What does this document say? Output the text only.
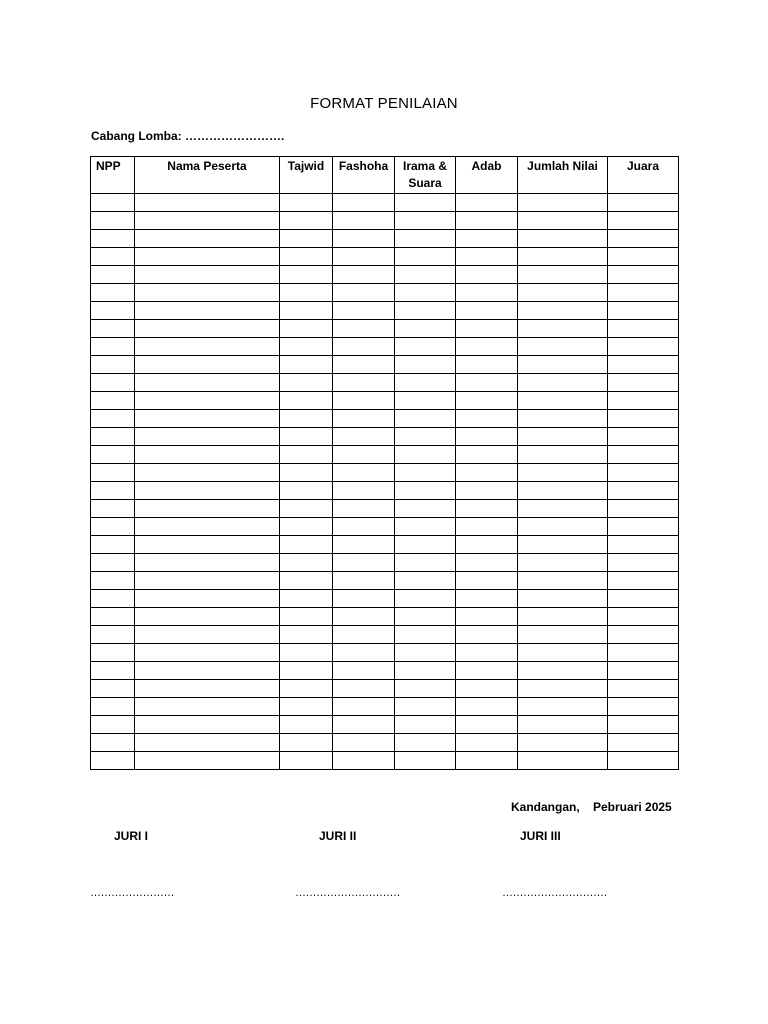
FORMAT PENILAIAN
Cabang Lomba: …………………….
NPP	Nama Peserta	Tajwid	Fashoha	Irama & Suara	Adab	Jumlah Nilai	Juara

Kandangan,    Pebruari 2025
JURI I	JURI II	JURI III
……………………	…………………………	…………………………
